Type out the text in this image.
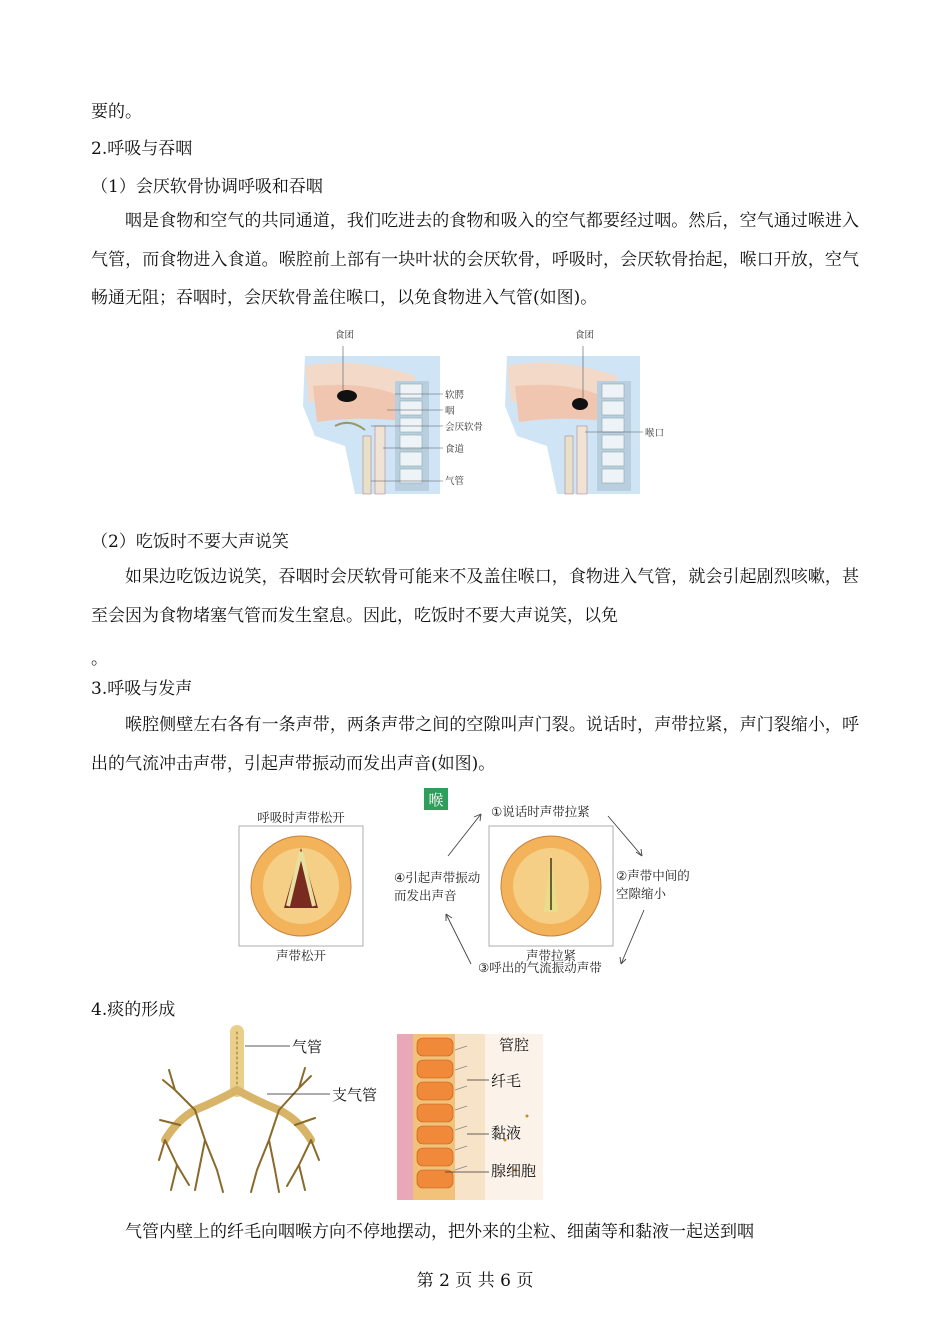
要的。
2.呼吸与吞咽
（1）会厌软骨协调呼吸和吞咽
咽是食物和空气的共同通道，我们吃进去的食物和吸入的空气都要经过咽。然后，空气通过喉进入气管，而食物进入食道。喉腔前上部有一块叶状的会厌软骨，呼吸时，会厌软骨抬起，喉口开放，空气畅通无阻；吞咽时，会厌软骨盖住喉口，以免食物进入气管(如图)。
食团
软腭
咽
会厌软骨
食道
气管
食团
喉口
（2）吃饭时不要大声说笑
如果边吃饭边说笑，吞咽时会厌软骨可能来不及盖住喉口，食物进入气管，就会引起剧烈咳嗽，甚至会因为食物堵塞气管而发生窒息。因此，吃饭时不要大声说笑，以免
。
3.呼吸与发声
喉腔侧壁左右各有一条声带，两条声带之间的空隙叫声门裂。说话时，声带拉紧，声门裂缩小，呼出的气流冲击声带，引起声带振动而发出声音(如图)。
喉
呼吸时声带松开
声带松开	声带拉紧
①说话时声带拉紧
②声带中间的
空隙缩小
③呼出的气流振动声带
④引起声带振动
而发出声音
4.痰的形成
气管
支气管
管腔
纤毛
黏液
腺细胞
气管内壁上的纤毛向咽喉方向不停地摆动，把外来的尘粒、细菌等和黏液一起送到咽
第 2 页 共 6 页
